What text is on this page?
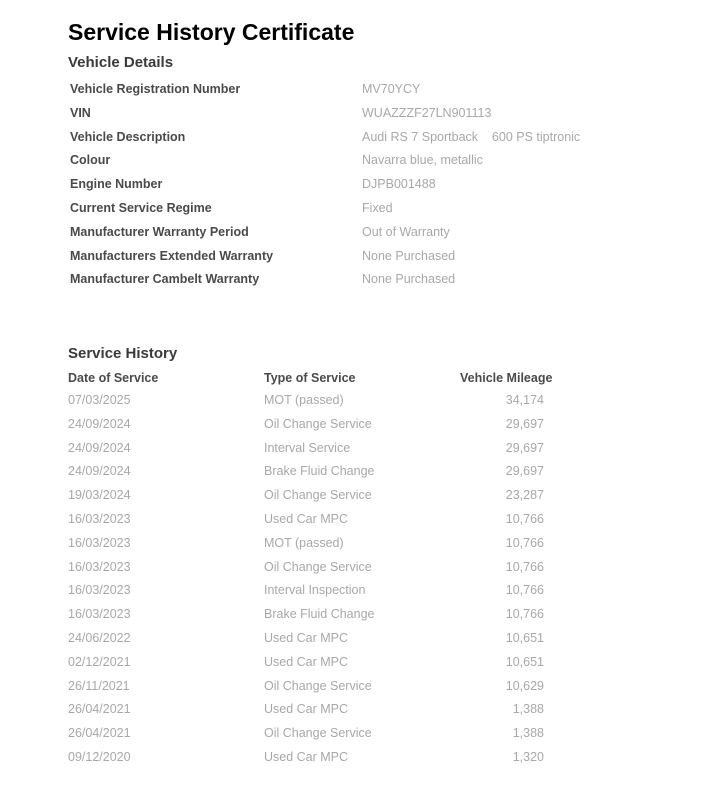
Service History Certificate
Vehicle Details
Vehicle Registration Number	MV70YCY
VIN	WUAZZZF27LN901113
Vehicle Description	Audi RS 7 Sportback    600 PS tiptronic
Colour	Navarra blue, metallic
Engine Number	DJPB001488
Current Service Regime	Fixed
Manufacturer Warranty Period	Out of Warranty
Manufacturers Extended Warranty	None Purchased
Manufacturer Cambelt Warranty	None Purchased
Service History
Date of Service	Type of Service	Vehicle Mileage
07/03/2025	MOT (passed)	34,174
24/09/2024	Oil Change Service	29,697
24/09/2024	Interval Service	29,697
24/09/2024	Brake Fluid Change	29,697
19/03/2024	Oil Change Service	23,287
16/03/2023	Used Car MPC	10,766
16/03/2023	MOT (passed)	10,766
16/03/2023	Oil Change Service	10,766
16/03/2023	Interval Inspection	10,766
16/03/2023	Brake Fluid Change	10,766
24/06/2022	Used Car MPC	10,651
02/12/2021	Used Car MPC	10,651
26/11/2021	Oil Change Service	10,629
26/04/2021	Used Car MPC	1,388
26/04/2021	Oil Change Service	1,388
09/12/2020	Used Car MPC	1,320
